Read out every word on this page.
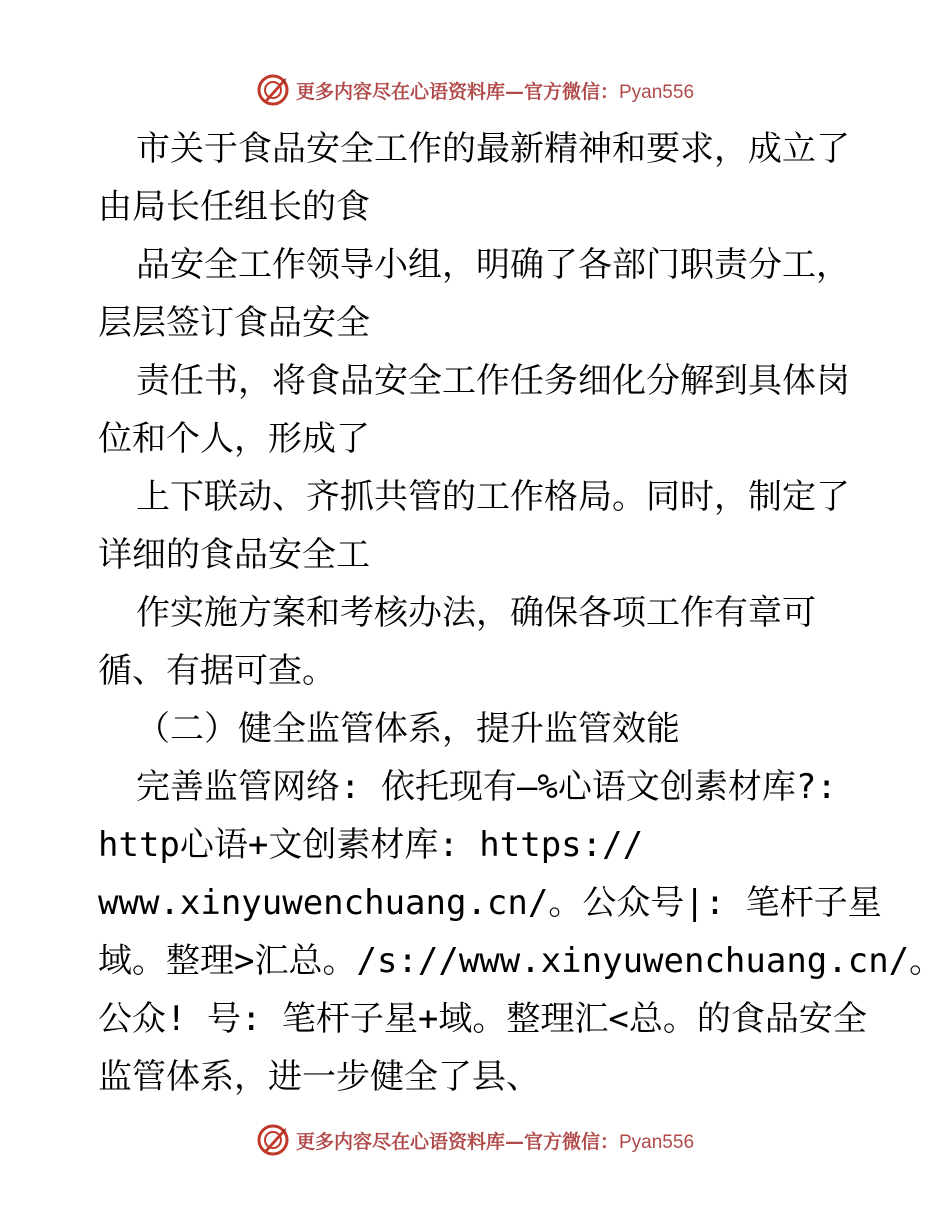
更多内容尽在心语资料库—官方微信：Pyan556
市关于食品安全工作的最新精神和要求，成立了
由局长任组长的食
品安全工作领导小组，明确了各部门职责分工，
层层签订食品安全
责任书，将食品安全工作任务细化分解到具体岗
位和个人，形成了
上下联动、齐抓共管的工作格局。同时，制定了
详细的食品安全工
作实施方案和考核办法，确保各项工作有章可
循、有据可查。
（二）健全监管体系，提升监管效能
完善监管网络: 依托现有—%心语文创素材库?:
http心语+文创素材库: https://
www.xinyuwenchuang.cn/。公众号|: 笔杆子星
域。整理>汇总。/s://www.xinyuwenchuang.cn/。
公众! 号: 笔杆子星+域。整理汇<总。的食品安全
监管体系，进一步健全了县、
更多内容尽在心语资料库—官方微信：Pyan556
